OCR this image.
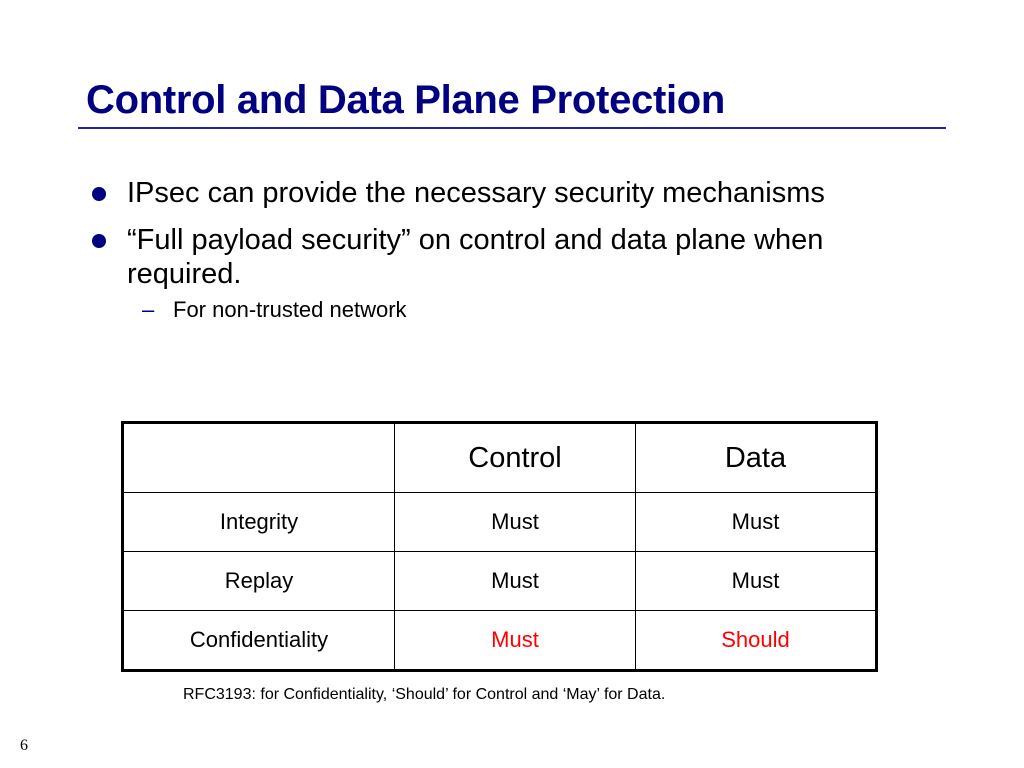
Control and Data Plane Protection
IPsec can provide the necessary security mechanisms
“Full payload security” on control and data plane when required.
– For non-trusted network
	Control	Data
Integrity	Must	Must
Replay	Must	Must
Confidentiality	Must	Should
RFC3193: for Confidentiality, ‘Should’ for Control and ‘May’ for Data.
6
